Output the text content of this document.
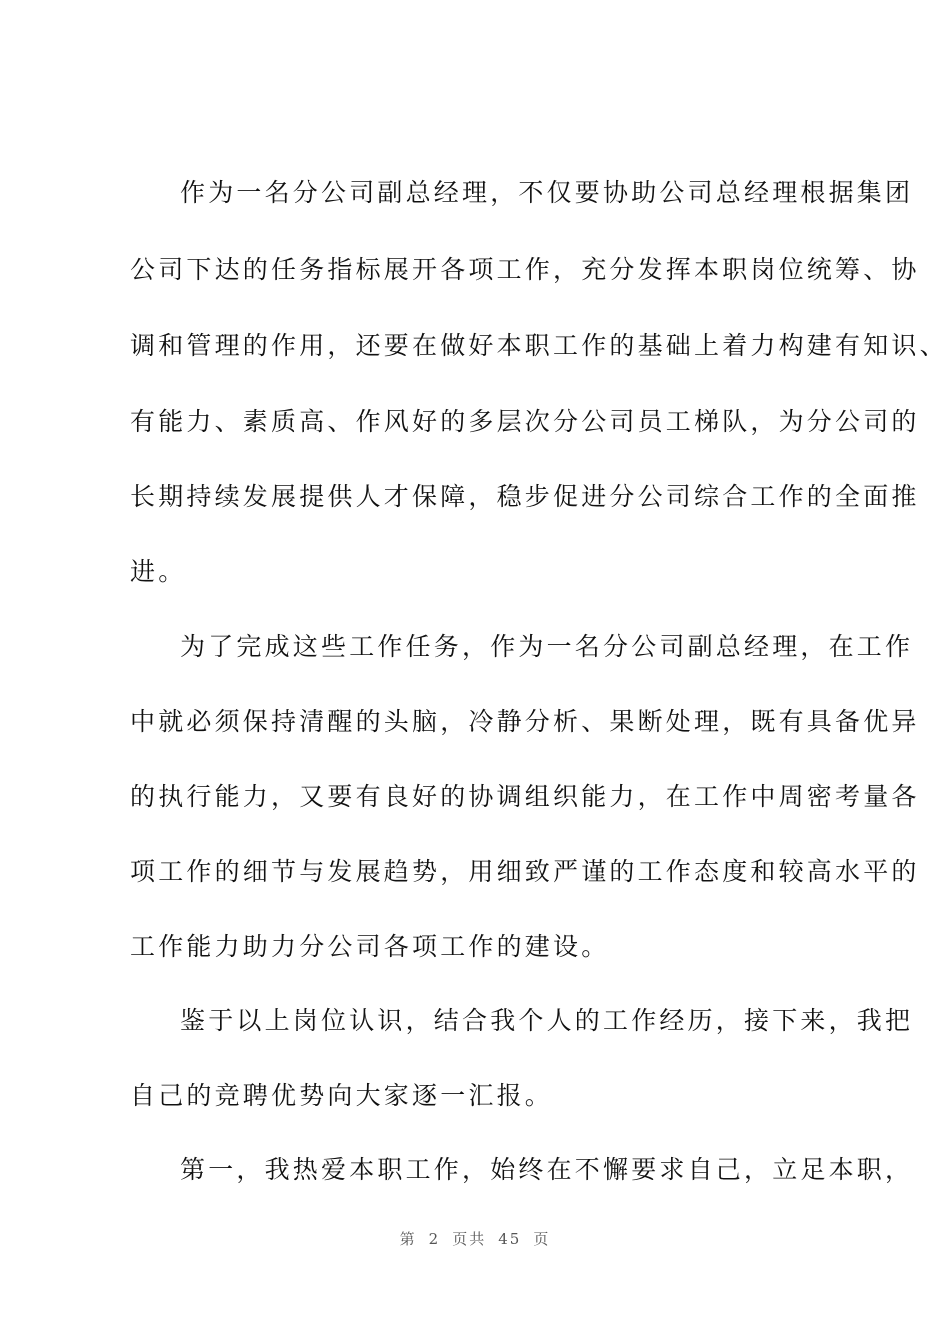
作为一名分公司副总经理，不仅要协助公司总经理根据集团
公司下达的任务指标展开各项工作，充分发挥本职岗位统筹、协
调和管理的作用，还要在做好本职工作的基础上着力构建有知识、
有能力、素质高、作风好的多层次分公司员工梯队，为分公司的
长期持续发展提供人才保障，稳步促进分公司综合工作的全面推
进。
为了完成这些工作任务，作为一名分公司副总经理，在工作
中就必须保持清醒的头脑，冷静分析、果断处理，既有具备优异
的执行能力，又要有良好的协调组织能力，在工作中周密考量各
项工作的细节与发展趋势，用细致严谨的工作态度和较高水平的
工作能力助力分公司各项工作的建设。
鉴于以上岗位认识，结合我个人的工作经历，接下来，我把
自己的竞聘优势向大家逐一汇报。
第一，我热爱本职工作，始终在不懈要求自己，立足本职，
第 2 页共 45 页
